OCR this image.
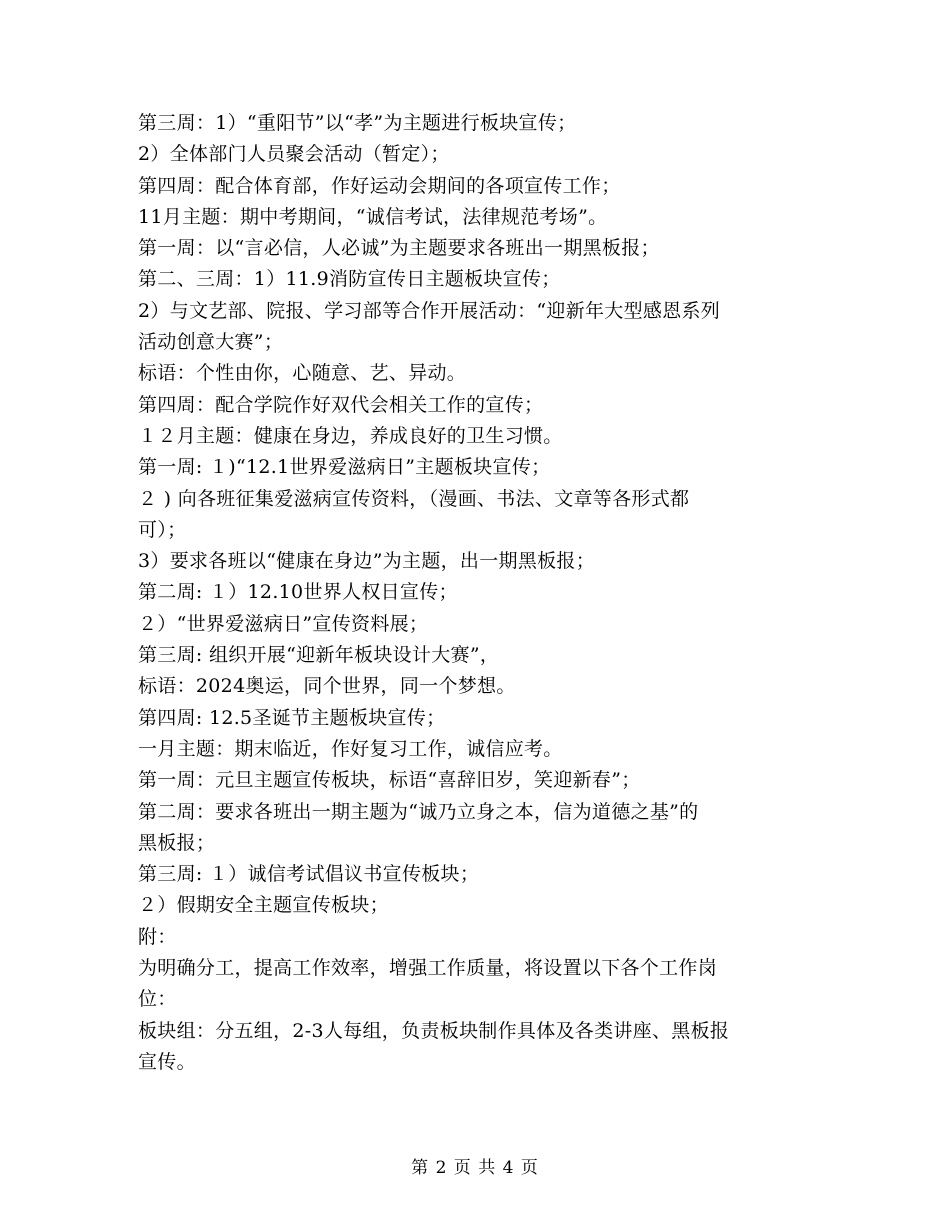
第三周：1）“重阳节”以“孝”为主题进行板块宣传；
2）全体部门人员聚会活动（暂定）；
第四周：配合体育部，作好运动会期间的各项宣传工作；
11月主题：期中考期间，“诚信考试，法律规范考场”。
第一周：以“言必信，人必诚”为主题要求各班出一期黑板报；
第二、三周：1）11.9消防宣传日主题板块宣传；
2）与文艺部、院报、学习部等合作开展活动：“迎新年大型感恩系列
活动创意大赛”；
标语：个性由你，心随意、艺、异动。
第四周：配合学院作好双代会相关工作的宣传；
１２月主题：健康在身边，养成良好的卫生习惯。
第一周: １)“12.1世界爱滋病日”主题板块宣传；
２ ) 向各班征集爱滋病宣传资料，（漫画、书法、文章等各形式都
可）；
3）要求各班以“健康在身边”为主题，出一期黑板报；
第二周: １）12.10世界人权日宣传；
２）“世界爱滋病日”宣传资料展；
第三周: 组织开展“迎新年板块设计大赛”，
标语：2024奥运，同个世界，同一个梦想。
第四周: 12.5圣诞节主题板块宣传；
一月主题：期末临近，作好复习工作，诚信应考。
第一周：元旦主题宣传板块，标语“喜辞旧岁，笑迎新春”；
第二周：要求各班出一期主题为“诚乃立身之本，信为道德之基”的
黑板报；
第三周: １）诚信考试倡议书宣传板块；
２）假期安全主题宣传板块；
附：
为明确分工，提高工作效率，增强工作质量，将设置以下各个工作岗
位：
板块组：分五组，2-3人每组，负责板块制作具体及各类讲座、黑板报
宣传。
第 2 页 共 4 页
